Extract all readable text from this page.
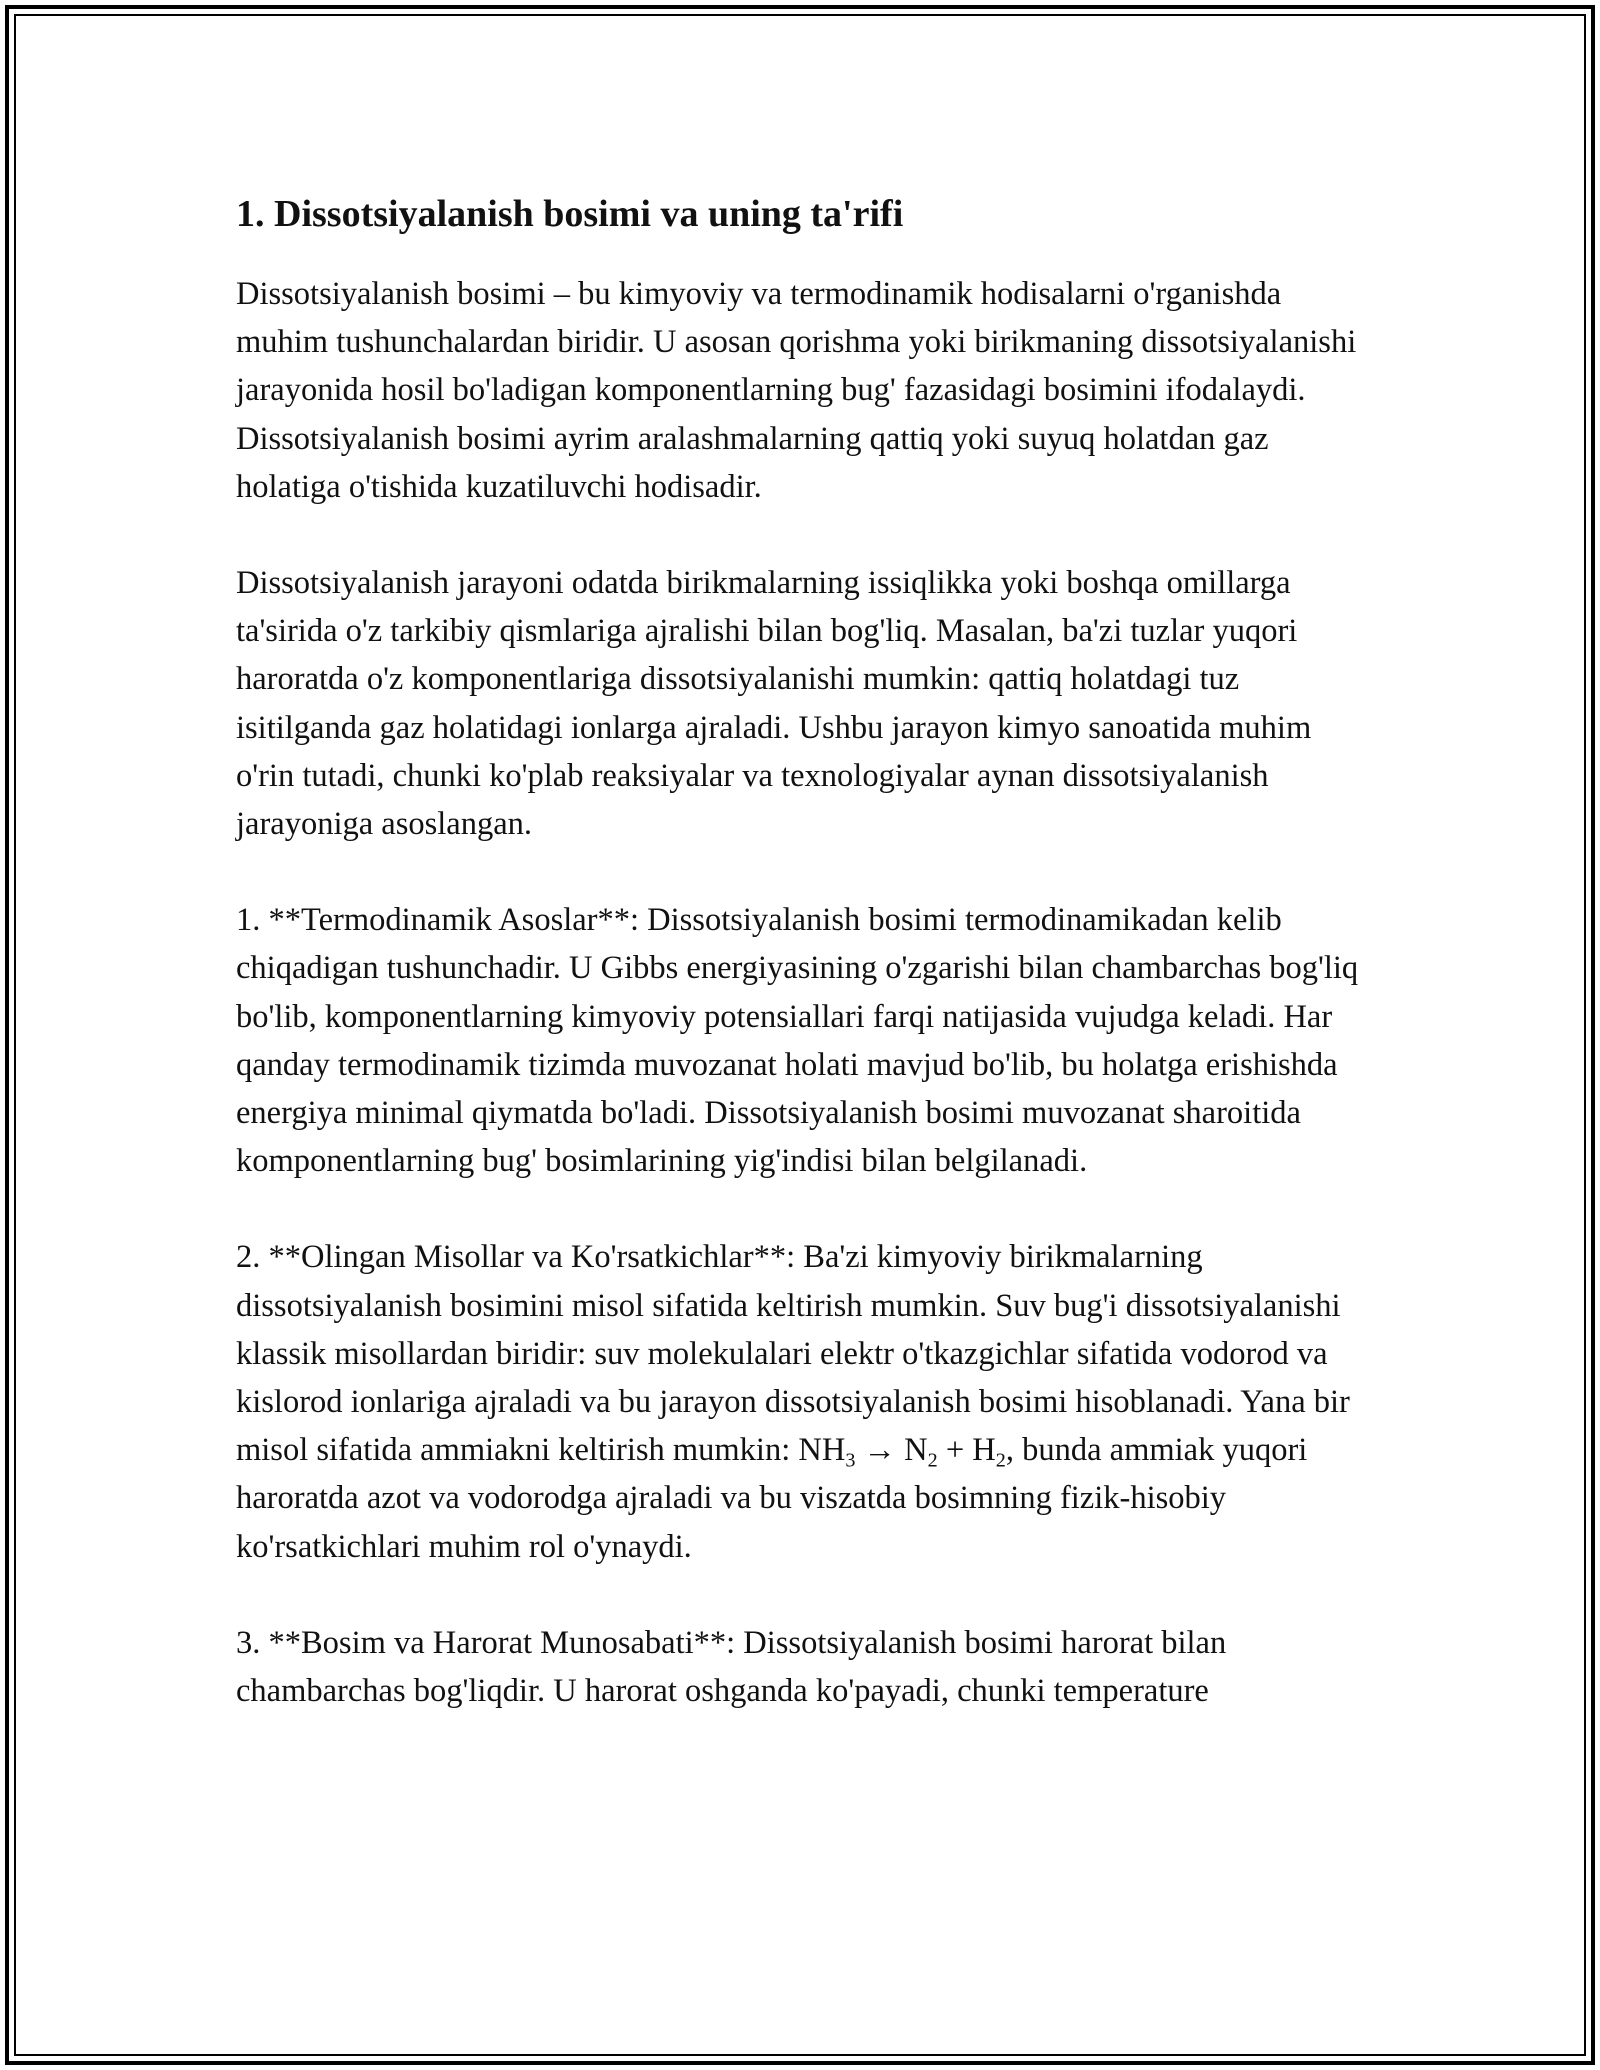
1. Dissotsiyalanish bosimi va uning ta'rifi

Dissotsiyalanish bosimi – bu kimyoviy va termodinamik hodisalarni o'rganishda muhim tushunchalardan biridir. U asosan qorishma yoki birikmaning dissotsiyalanishi jarayonida hosil bo'ladigan komponentlarning bug' fazasidagi bosimini ifodalaydi. Dissotsiyalanish bosimi ayrim aralashmalarning qattiq yoki suyuq holatdan gaz holatiga o'tishida kuzatiluvchi hodisadir.

Dissotsiyalanish jarayoni odatda birikmalarning issiqlikka yoki boshqa omillarga ta'sirida o'z tarkibiy qismlariga ajralishi bilan bog'liq. Masalan, ba'zi tuzlar yuqori haroratda o'z komponentlariga dissotsiyalanishi mumkin: qattiq holatdagi tuz isitilganda gaz holatidagi ionlarga ajraladi. Ushbu jarayon kimyo sanoatida muhim o'rin tutadi, chunki ko'plab reaksiyalar va texnologiyalar aynan dissotsiyalanish jarayoniga asoslangan.

1. **Termodinamik Asoslar**: Dissotsiyalanish bosimi termodinamikadan kelib chiqadigan tushunchadir. U Gibbs energiyasining o'zgarishi bilan chambarchas bog'liq bo'lib, komponentlarning kimyoviy potensiallari farqi natijasida vujudga keladi. Har qanday termodinamik tizimda muvozanat holati mavjud bo'lib, bu holatga erishishda energiya minimal qiymatda bo'ladi. Dissotsiyalanish bosimi muvozanat sharoitida komponentlarning bug' bosimlarining yig'indisi bilan belgilanadi.

2. **Olingan Misollar va Ko'rsatkichlar**: Ba'zi kimyoviy birikmalarning dissotsiyalanish bosimini misol sifatida keltirish mumkin. Suv bug'i dissotsiyalanishi klassik misollardan biridir: suv molekulalari elektr o'tkazgichlar sifatida vodorod va kislorod ionlariga ajraladi va bu jarayon dissotsiyalanish bosimi hisoblanadi. Yana bir misol sifatida ammiakni keltirish mumkin: $NH_3 \to N_2 + H_2$, bunda ammiak yuqori haroratda azot va vodorodga ajraladi va bu viszatda bosimning fizik-hisobiy ko'rsatkichlari muhim rol o'ynaydi.

3. **Bosim va Harorat Munosabati**: Dissotsiyalanish bosimi harorat bilan chambarchas bog'liqdir. U harorat oshganda ko'payadi, chunki temperature
